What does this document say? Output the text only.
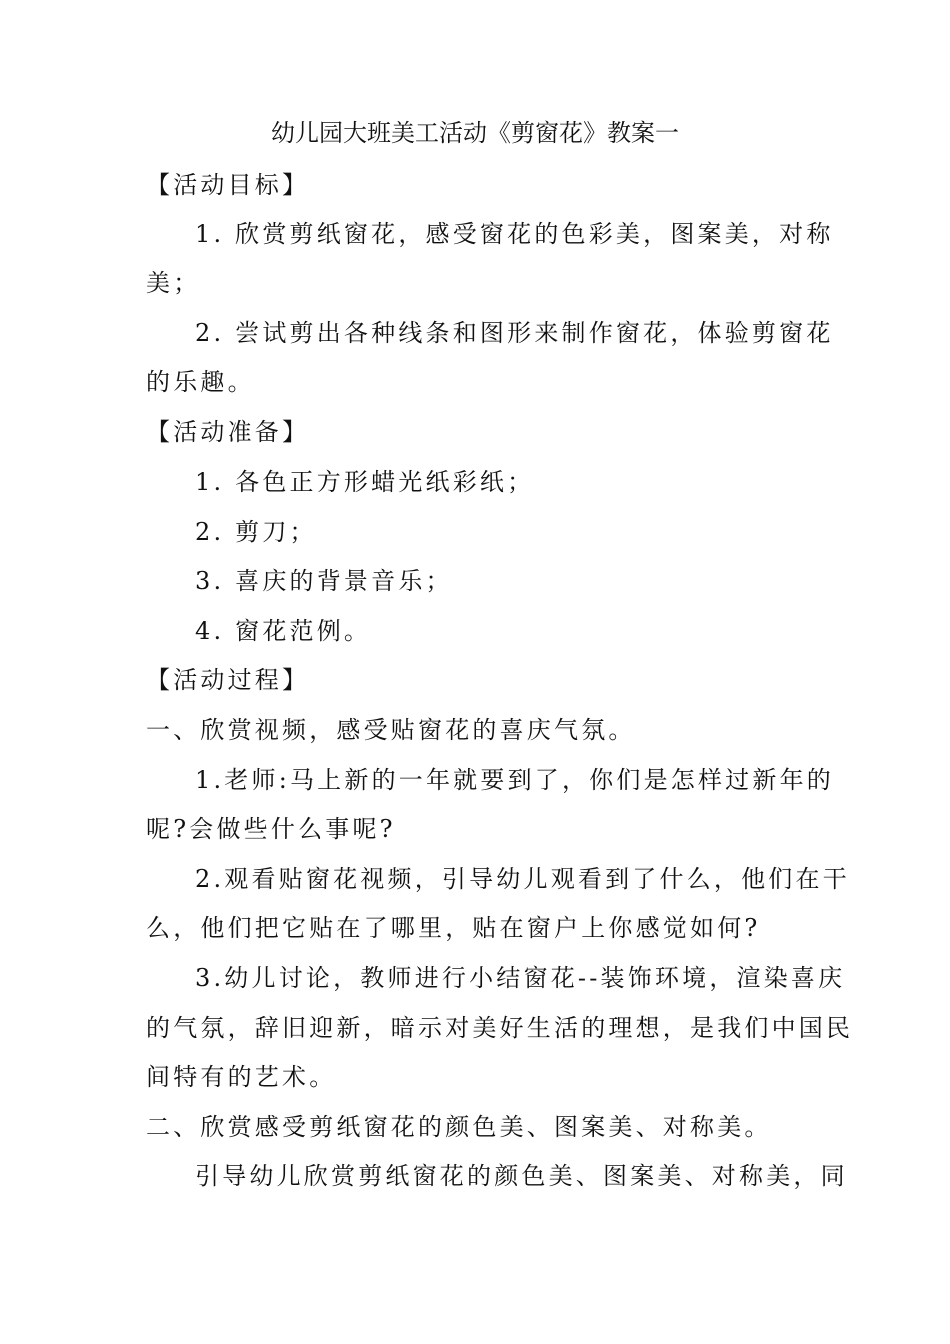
幼儿园大班美工活动《剪窗花》教案一
【活动目标】
1. 欣赏剪纸窗花，感受窗花的色彩美，图案美，对称
美；
2. 尝试剪出各种线条和图形来制作窗花，体验剪窗花
的乐趣。
【活动准备】
1. 各色正方形蜡光纸彩纸；
2. 剪刀；
3. 喜庆的背景音乐；
4. 窗花范例。
【活动过程】
一、欣赏视频，感受贴窗花的喜庆气氛。
1.老师:马上新的一年就要到了，你们是怎样过新年的
呢?会做些什么事呢?
2.观看贴窗花视频，引导幼儿观看到了什么，他们在干
么，他们把它贴在了哪里，贴在窗户上你感觉如何?
3.幼儿讨论，教师进行小结窗花--装饰环境，渲染喜庆
的气氛，辞旧迎新，暗示对美好生活的理想，是我们中国民
间特有的艺术。
二、欣赏感受剪纸窗花的颜色美、图案美、对称美。
引导幼儿欣赏剪纸窗花的颜色美、图案美、对称美，同
